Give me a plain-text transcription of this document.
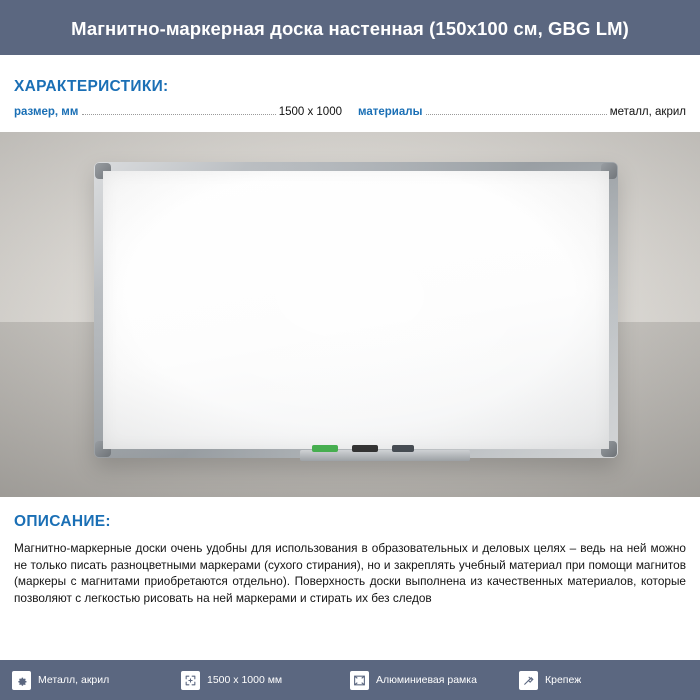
Магнитно-маркерная доска настенная (150х100 см, GBG LM)
ХАРАКТЕРИСТИКИ:
размер, мм	1500 x 1000 материалы	металл, акрил
ОПИСАНИЕ:
Магнитно-маркерные доски очень удобны для использования в образовательных и деловых целях – ведь на ней можно не только писать разноцветными маркерами (сухого стирания), но и закреплять учебный материал при помощи магнитов (маркеры с магнитами приобретаются отдельно). Поверхность доски выполнена из качественных материалов, которые позволяют с легкостью рисовать на ней маркерами и стирать их без следов
Металл, акрил	1500 x 1000 мм	Алюминиевая рамка	Крепеж
